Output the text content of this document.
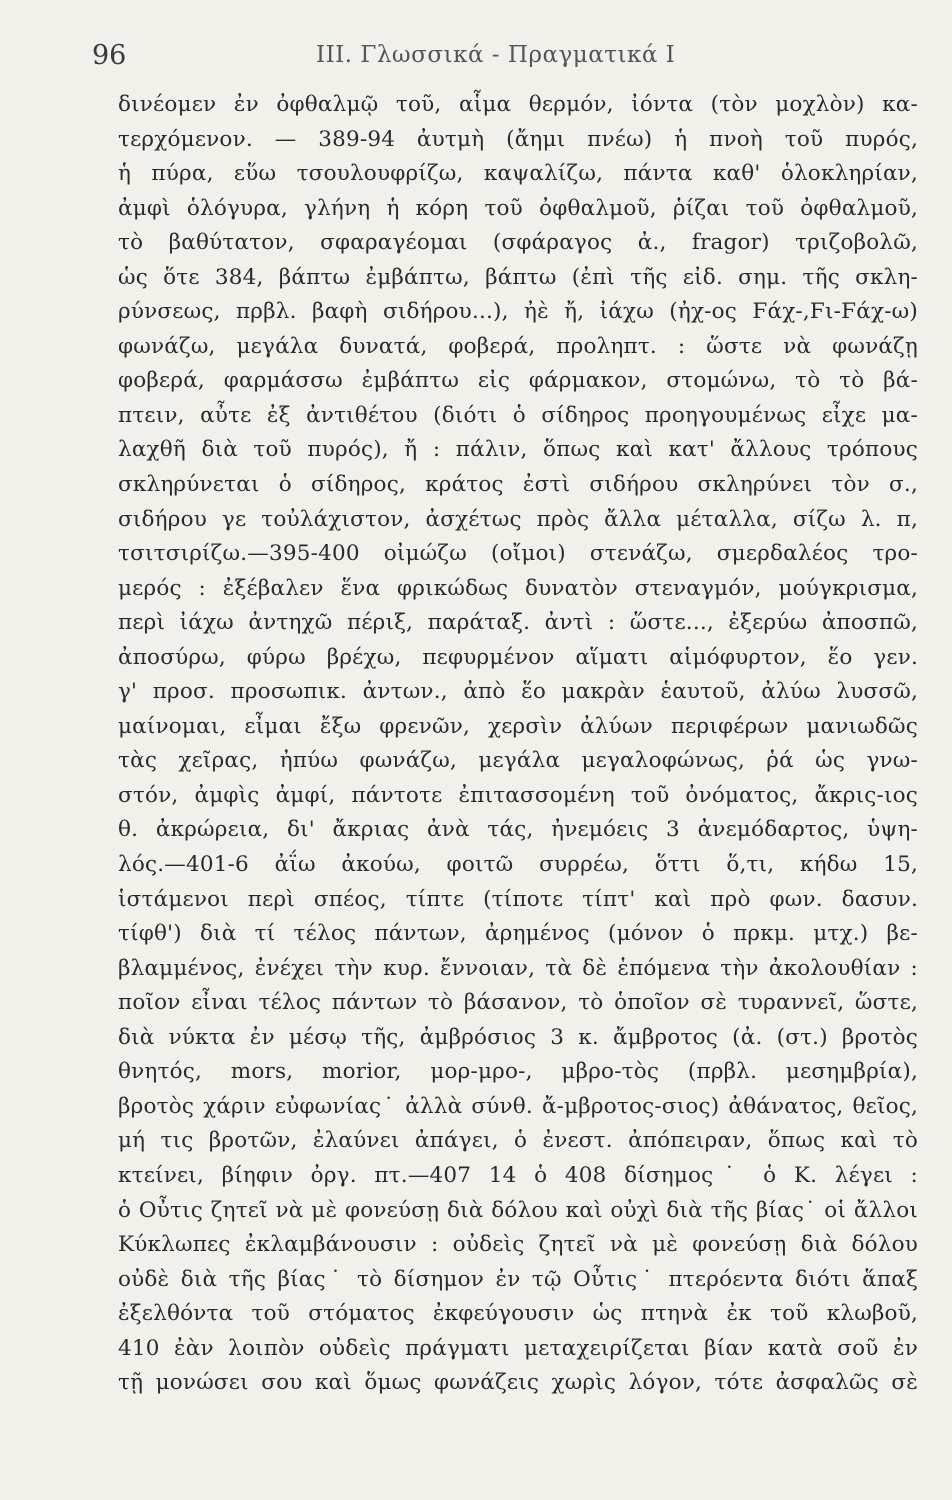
96	III. Γλωσσικά - Πραγματικά Ι
δινέομεν ἐν ὀφθαλμῷ τοῦ, αἷμα θερμόν, ἰόντα (τὸν μοχλὸν) κα-
τερχόμενον. — 389-94 ἀυτμὴ (ἄημι πνέω) ἡ πνοὴ τοῦ πυρός,
ἡ πύρα, εὕω τσουλουφρίζω, καψαλίζω, πάντα καθ' ὁλοκληρίαν,
ἀμφὶ ὁλόγυρα, γλήνη ἡ κόρη τοῦ ὀφθαλμοῦ, ῥίζαι τοῦ ὀφθαλμοῦ,
τὸ βαθύτατον, σφαραγέομαι (σφάραγος ἀ., fragor) τριζοβολῶ,
ὡς ὅτε 384, βάπτω ἐμβάπτω, βάπτω (ἐπὶ τῆς εἰδ. σημ. τῆς σκλη-
ρύνσεως, πρβλ. βαφὴ σιδήρου...), ἠὲ ἤ, ἰάχω (ἠχ-ος Ϝάχ-,Ϝι-Ϝάχ-ω)
φωνάζω, μεγάλα δυνατά, φοβερά, προληπτ. : ὥστε νὰ φωνάζῃ
φοβερά, φαρμάσσω ἐμβάπτω εἰς φάρμακον, στομώνω, τὸ τὸ βά-
πτειν, αὖτε ἐξ ἀντιθέτου (διότι ὁ σίδηρος προηγουμένως εἶχε μα-
λαχθῆ διὰ τοῦ πυρός), ἤ : πάλιν, ὅπως καὶ κατ' ἄλλους τρόπους
σκληρύνεται ὁ σίδηρος, κράτος ἐστὶ σιδήρου σκληρύνει τὸν σ.,
σιδήρου γε τοὐλάχιστον, ἀσχέτως πρὸς ἄλλα μέταλλα, σίζω λ. π,
τσιτσιρίζω.—395-400 οἰμώζω (οἴμοι) στενάζω, σμερδαλέος τρο-
μερός : ἐξέβαλεν ἕνα φρικώδως δυνατὸν στεναγμόν, μούγκρισμα,
περὶ ἰάχω ἀντηχῶ πέριξ, παράταξ. ἀντὶ : ὥστε..., ἐξερύω ἀποσπῶ,
ἀποσύρω, φύρω βρέχω, πεφυρμένον αἵματι αἱμόφυρτον, ἕο γεν.
γ' προσ. προσωπικ. ἀντων., ἀπὸ ἕο μακρὰν ἑαυτοῦ, ἀλύω λυσσῶ,
μαίνομαι, εἶμαι ἔξω φρενῶν, χερσὶν ἀλύων περιφέρων μανιωδῶς
τὰς χεῖρας, ἠπύω φωνάζω, μεγάλα μεγαλοφώνως, ῥά ὡς γνω-
στόν, ἀμφὶς ἀμφί, πάντοτε ἐπιτασσομένη τοῦ ὀνόματος, ἄκρις-ιος
θ. ἀκρώρεια, δι' ἄκριας ἀνὰ τάς, ἠνεμόεις 3 ἀνεμόδαρτος, ὑψη-
λός.—401-6 ἀΐω ἀκούω, φοιτῶ συρρέω, ὅττι ὅ,τι, κήδω 15,
ἱστάμενοι περὶ σπέος, τίπτε (τίποτε τίπτ' καὶ πρὸ φων. δασυν.
τίφθ') διὰ τί τέλος πάντων, ἀρημένος (μόνον ὁ πρκμ. μτχ.) βε-
βλαμμένος, ἐνέχει τὴν κυρ. ἔννοιαν, τὰ δὲ ἑπόμενα τὴν ἀκολουθίαν :
ποῖον εἶναι τέλος πάντων τὸ βάσανον, τὸ ὁποῖον σὲ τυραννεῖ, ὥστε,
διὰ νύκτα ἐν μέσῳ τῆς, ἀμβρόσιος 3 κ. ἄμβροτος (ἀ. (στ.) βροτὸς
θνητός, mors, morior, μορ-μρο-, μβρο-τὸς (πρβλ. μεσημβρία),
βροτὸς χάριν εὐφωνίας˙ ἀλλὰ σύνθ. ἄ-μβροτος-σιος) ἀθάνατος, θεῖος,
μή τις βροτῶν, ἐλαύνει ἀπάγει, ὁ ἐνεστ. ἀπόπειραν, ὅπως καὶ τὸ
κτείνει, βίηφιν ὀργ. πτ.—407 14 ὁ 408 δίσημος˙ ὁ Κ. λέγει :
ὁ Οὖτις ζητεῖ νὰ μὲ φονεύσῃ διὰ δόλου καὶ οὐχὶ διὰ τῆς βίας˙ οἱ ἄλλοι
Κύκλωπες ἐκλαμβάνουσιν : οὐδεὶς ζητεῖ νὰ μὲ φονεύσῃ διὰ δόλου
οὐδὲ διὰ τῆς βίας˙ τὸ δίσημον ἐν τῷ Οὖτις˙ πτερόεντα διότι ἅπαξ
ἐξελθόντα τοῦ στόματος ἐκφεύγουσιν ὡς πτηνὰ ἐκ τοῦ κλωβοῦ,
410 ἐὰν λοιπὸν οὐδεὶς πράγματι μεταχειρίζεται βίαν κατὰ σοῦ ἐν
τῇ μονώσει σου καὶ ὅμως φωνάζεις χωρὶς λόγον, τότε ἀσφαλῶς σὲ
